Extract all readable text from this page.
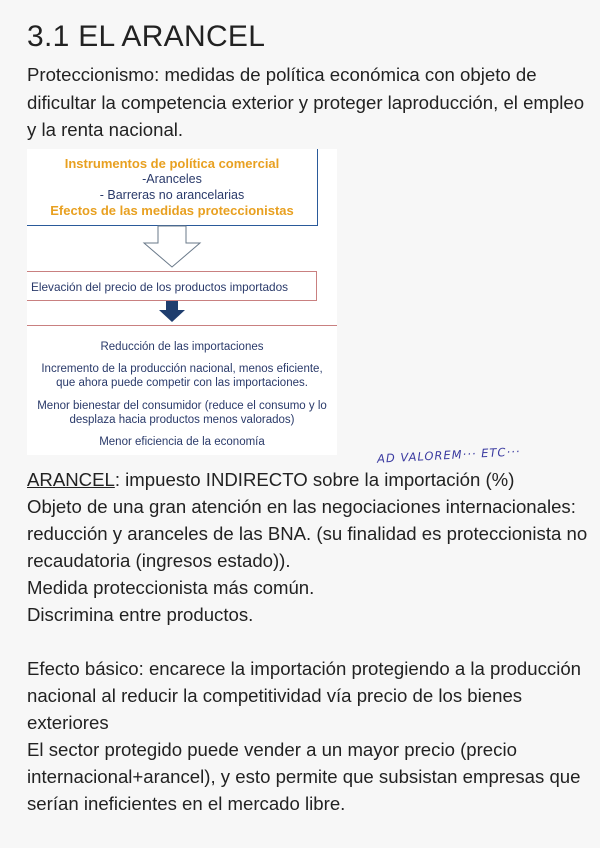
3.1 EL ARANCEL
Proteccionismo: medidas de política económica con objeto de dificultar la competencia exterior y proteger laproducción, el empleo y la renta nacional.
Instrumentos de política comercial
-Aranceles
- Barreras no arancelarias
Efectos de las medidas proteccionistas
Elevación del precio de los productos importados
Reducción de las importaciones
Incremento de la producción nacional, menos eficiente, que ahora puede competir con las importaciones.
Menor bienestar del consumidor (reduce el consumo y lo desplaza hacia productos menos valorados)
Menor eficiencia de la economía
AD VALOREM··· ETC···

ARANCEL: impuesto INDIRECTO sobre la importación (%)

Objeto de una gran atención en las negociaciones internacionales: reducción y aranceles de las BNA. (su finalidad es proteccionista no recaudatoria (ingresos estado)).

Medida proteccionista más común.

Discrimina entre productos.

Efecto básico: encarece la importación protegiendo a la producción nacional al reducir la competitividad vía precio de los bienes exteriores

El sector protegido puede vender a un mayor precio (precio internacional+arancel), y esto permite que subsistan empresas que serían ineficientes en el mercado libre.
